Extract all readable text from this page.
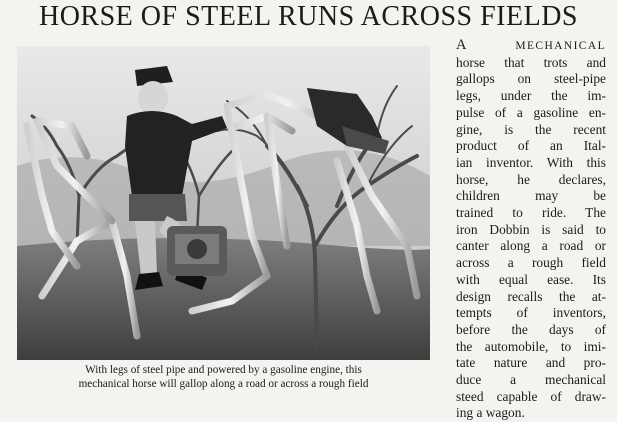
HORSE OF STEEL RUNS ACROSS FIELDS
With legs of steel pipe and powered by a gasoline engine, this
mechanical horse will gallop along a road or across a rough field
A	MECHANICAL
horse that trots and
gallops on steel-pipe
legs, under the im-
pulse of a gasoline en-
gine, is the recent
product of an Ital-
ian inventor. With this
horse, he declares,
children may be
trained to ride. The
iron Dobbin is said to
canter along a road or
across a rough field
with equal ease. Its
design recalls the at-
tempts of inventors,
before the days of
the automobile, to imi-
tate nature and pro-
duce a mechanical
steed capable of draw-
ing a wagon.
